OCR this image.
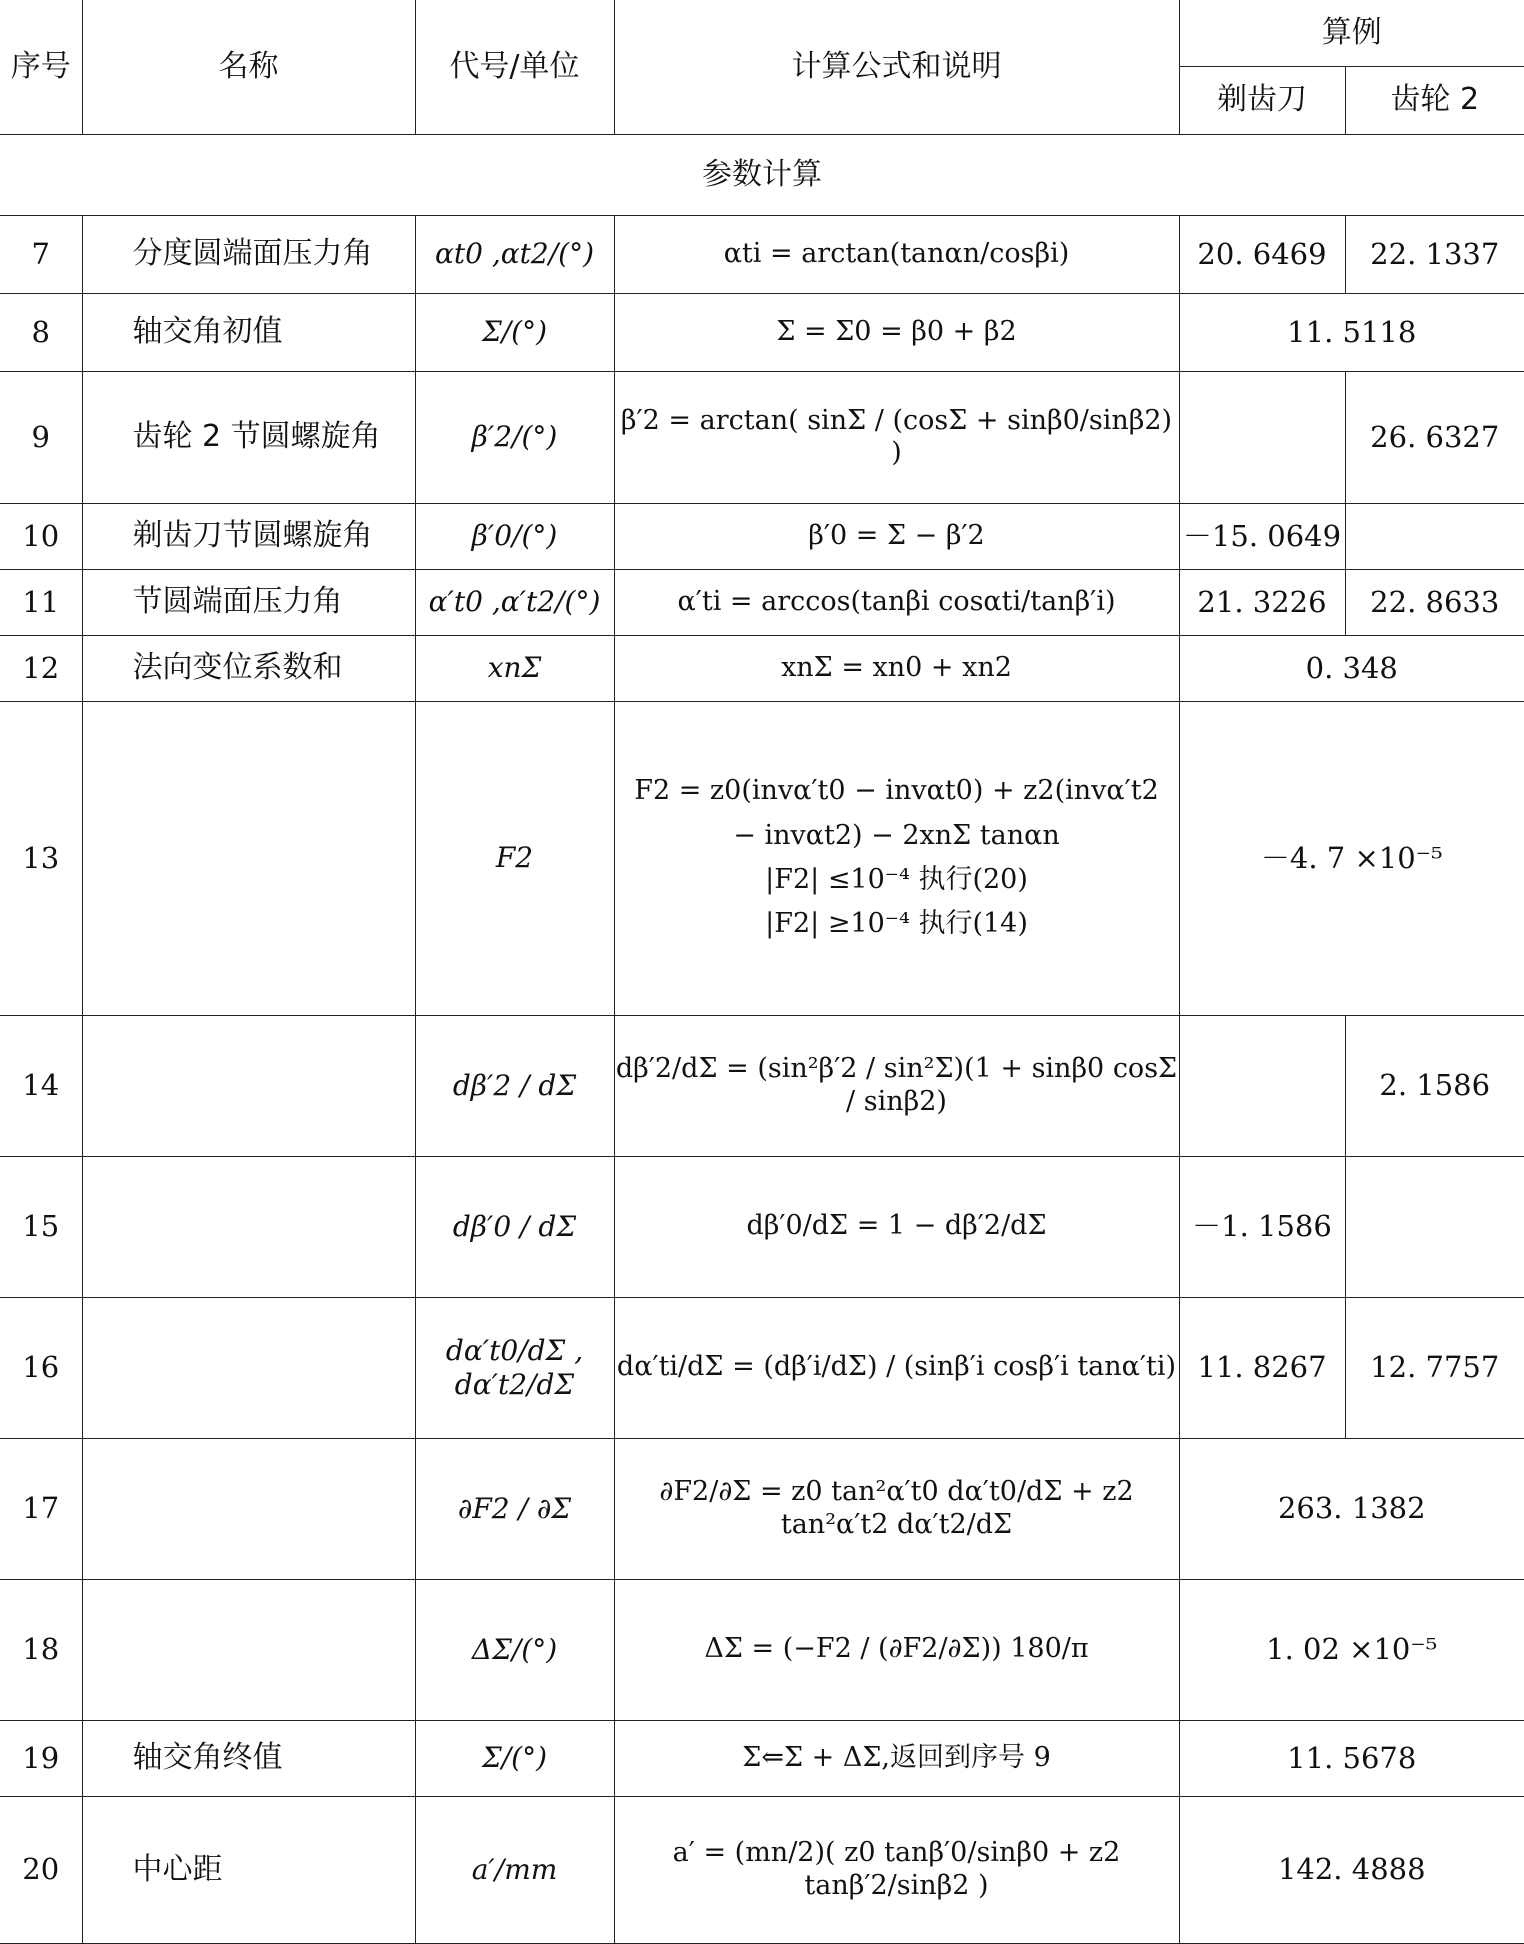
序号	名称	代号/单位	计算公式和说明	算例	
				剃齿刀	齿轮 2
参数计算					
7	分度圆端面压力角	αt0 ,αt2/(°)	αti = arctan(tanαn/cosβi)	20. 6469	22. 1337
8	轴交角初值	Σ/(°)	Σ = Σ0 = β0 + β2	11. 5118	
9	齿轮 2 节圆螺旋角	β′2/(°)	β′2 = arctan( sinΣ / (cosΣ + sinβ0/sinβ2) )		26. 6327
10	剃齿刀节圆螺旋角	β′0/(°)	β′0 = Σ − β′2	－15. 0649	
11	节圆端面压力角	α′t0 ,α′t2/(°)	α′ti = arccos(tanβi cosαti/tanβ′i)	21. 3226	22. 8633
12	法向变位系数和	xnΣ	xnΣ = xn0 + xn2	0. 348	
13		F2	F2 = z0(invα′t0 − invαt0) + z2(invα′t2
− invαt2) − 2xnΣ tanαn
|F2| ≤10⁻⁴ 执行(20)
|F2| ≥10⁻⁴ 执行(14)	－4. 7 ×10⁻⁵	
14		dβ′2 / dΣ	dβ′2/dΣ = (sin²β′2 / sin²Σ)(1 + sinβ0 cosΣ / sinβ2)		2. 1586
15		dβ′0 / dΣ	dβ′0/dΣ = 1 − dβ′2/dΣ	－1. 1586	
16		dα′t0/dΣ , dα′t2/dΣ	dα′ti/dΣ = (dβ′i/dΣ) / (sinβ′i cosβ′i tanα′ti)	11. 8267	12. 7757
17		∂F2 / ∂Σ	∂F2/∂Σ = z0 tan²α′t0 dα′t0/dΣ + z2 tan²α′t2 dα′t2/dΣ	263. 1382	
18		ΔΣ/(°)	ΔΣ = (−F2 / (∂F2/∂Σ)) 180/π	1. 02 ×10⁻⁵	
19	轴交角终值	Σ/(°)	Σ⇐Σ + ΔΣ,返回到序号 9	11. 5678	
20	中心距	a′/mm	a′ = (mn/2)( z0 tanβ′0/sinβ0 + z2 tanβ′2/sinβ2 )	142. 4888	
